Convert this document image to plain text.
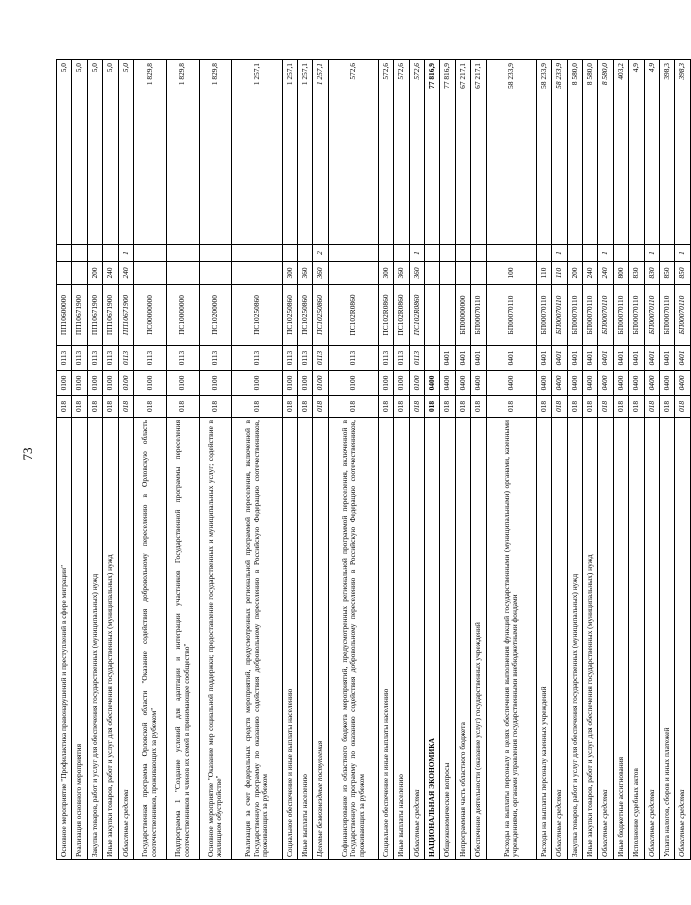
73
Основное мероприятие "Профилактика правонарушений и преступлений в сфере миграции"	018	0100	0113	ПП10600000			5,0
Реализация основного мероприятия	018	0100	0113	ПП10671900			5,0
Закупка товаров, работ и услуг для обеспечения государственных (муниципальных) нужд	018	0100	0113	ПП10671900	200		5,0
Иные закупки товаров, работ и услуг для обеспечения государственных (муниципальных) нужд	018	0100	0113	ПП10671900	240		5,0
Областные средства	018	0100	0113	ПП10671900	240	1	5,0
Государственная программа Орловской области "Оказание содействия добровольному переселению в Орловскую область соотечественников, проживающих за рубежом"	018	0100	0113	ПС00000000			1 829,8
Подпрограмма 1 "Создание условий для адаптации и интеграции участников Государственной программы переселения соотечественников и членов их семей в принимающее сообщество"	018	0100	0113	ПС10000000			1 829,8
Основное мероприятие "Оказание мер социальной поддержки; предоставление государственных и муниципальных услуг; содействие в жилищном обустройстве"	018	0100	0113	ПС10200000			1 829,8
Реализация за счет федеральных средств мероприятий, предусмотренных региональной программой переселения, включенной в Государственную программу по оказанию содействия добровольному переселению в Российскую Федерацию соотечественников, проживающих за рубежом	018	0100	0113	ПС10250860			1 257,1
Социальное обеспечение и иные выплаты населению	018	0100	0113	ПС10250860	300		1 257,1
Иные выплаты населению	018	0100	0113	ПС10250860	360		1 257,1
Целевые безвозмездные поступления	018	0100	0113	ПС10250860	360	2	1 257,1
Софинансирование из областного бюджета мероприятий, предусмотренных региональной программой переселения, включенной в Государственную программу по оказанию содействия добровольному переселению в Российскую Федерацию соотечественников, проживающих за рубежом	018	0100	0113	ПС102R0860			572,6
Социальное обеспечение и иные выплаты населению	018	0100	0113	ПС102R0860	300		572,6
Иные выплаты населению	018	0100	0113	ПС102R0860	360		572,6
Областные средства	018	0100	0113	ПС102R0860	360	1	572,6
НАЦИОНАЛЬНАЯ ЭКОНОМИКА	018	0400					77 816,9
Общеэкономические вопросы	018	0400	0401				77 816,9
Непрограммная часть областного бюджета	018	0400	0401	БП00000000			67 217,1
Обеспечение деятельности (оказание услуг) государственных учреждений	018	0400	0401	БП00070110			67 217,1
Расходы на выплаты персоналу в целях обеспечения выполнения функций государственными (муниципальными) органами, казенными учреждениями, органами управления государственными внебюджетными фондами	018	0400	0401	БП00070110	100		58 233,9
Расходы на выплаты персоналу казенных учреждений	018	0400	0401	БП00070110	110		58 233,9
Областные средства	018	0400	0401	БП00070110	110	1	58 233,9
Закупка товаров, работ и услуг для обеспечения государственных (муниципальных) нужд	018	0400	0401	БП00070110	200		8 580,0
Иные закупки товаров, работ и услуг для обеспечения государственных (муниципальных) нужд	018	0400	0401	БП00070110	240		8 580,0
Областные средства	018	0400	0401	БП00070110	240	1	8 580,0
Иные бюджетные ассигнования	018	0400	0401	БП00070110	800		403,2
Исполнение судебных актов	018	0400	0401	БП00070110	830		4,9
Областные средства	018	0400	0401	БП00070110	830	1	4,9
Уплата налогов, сборов и иных платежей	018	0400	0401	БП00070110	850		398,3
Областные средства	018	0400	0401	БП00070110	850	1	398,3
